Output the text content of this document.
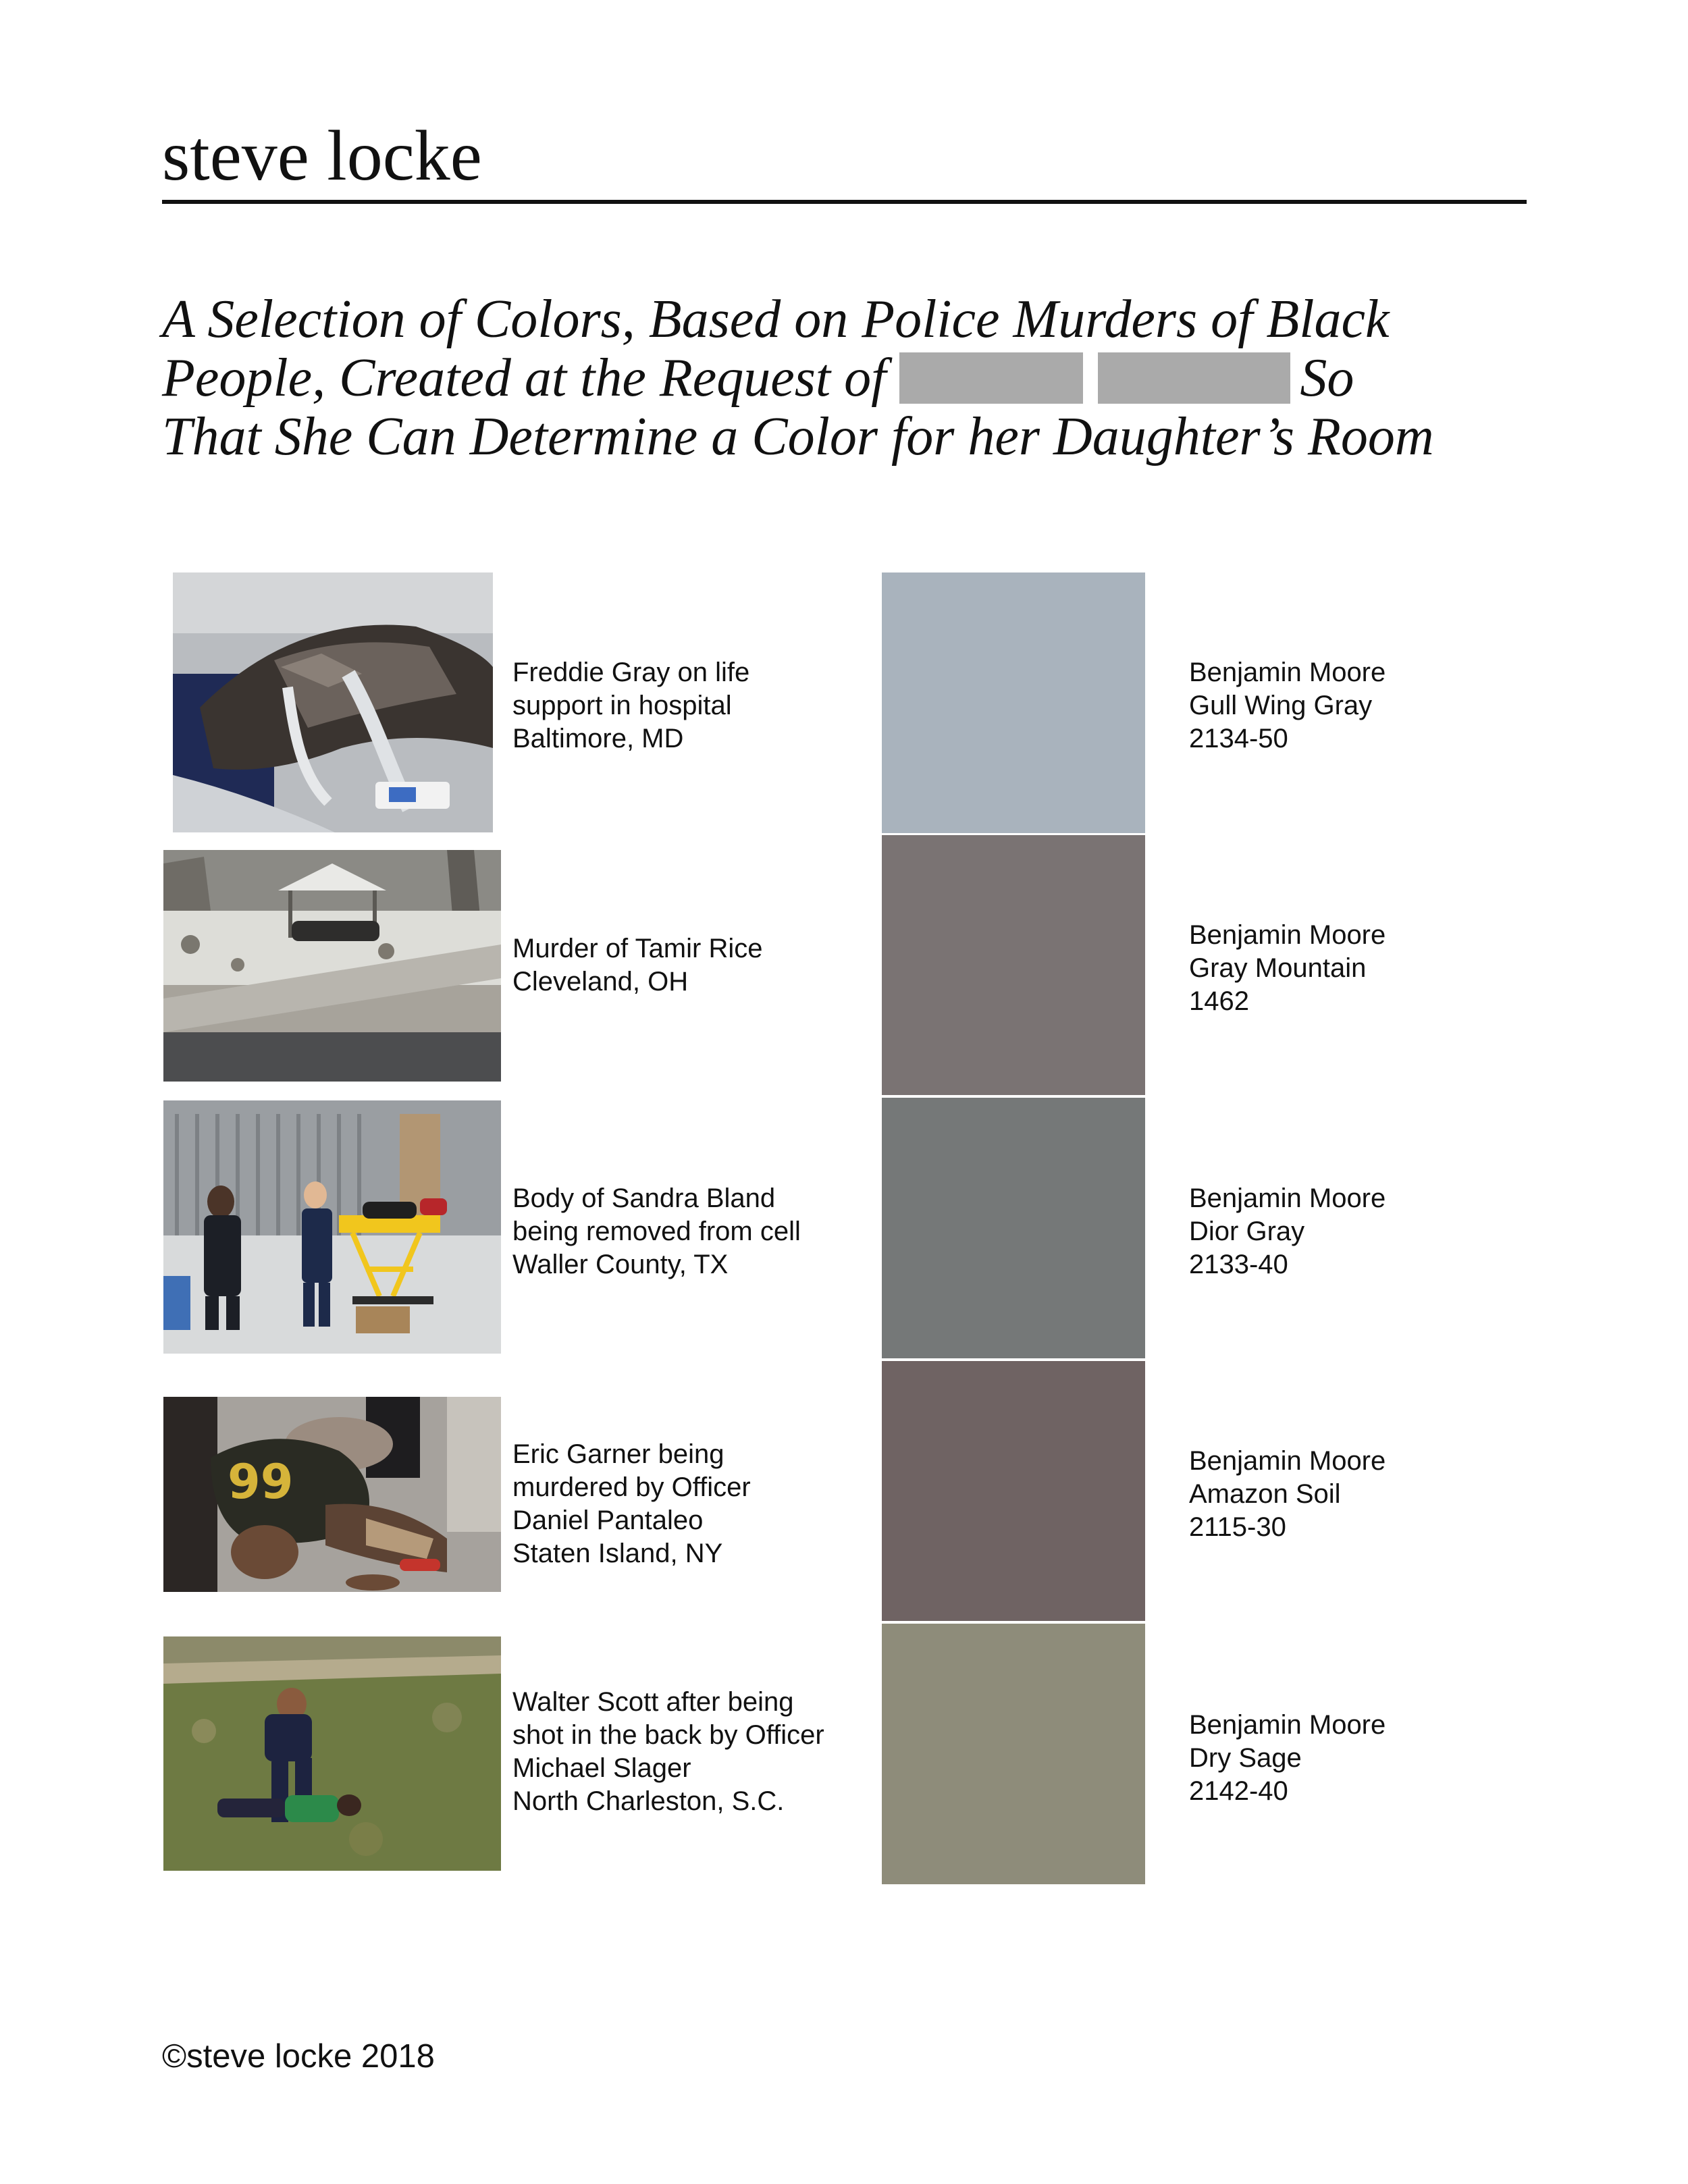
steve locke
A Selection of Colors, Based on Police Murders of Black
People, Created at the Request of	So
That She Can Determine a Color for her Daughter’s Room
Freddie Gray on life
support in hospital
Baltimore, MD
Benjamin Moore
Gull Wing Gray
2134-50
Murder of Tamir Rice
Cleveland, OH
Benjamin Moore
Gray Mountain
1462
Body of Sandra Bland
being removed from cell
Waller County, TX
Benjamin Moore
Dior Gray
2133-40
99	Eric Garner being
murdered by Officer
Daniel Pantaleo
Staten Island, NY
Benjamin Moore
Amazon Soil
2115-30
Walter Scott after being
shot in the back by Officer
Michael Slager
North Charleston, S.C.
Benjamin Moore
Dry Sage
2142-40
©steve locke 2018
